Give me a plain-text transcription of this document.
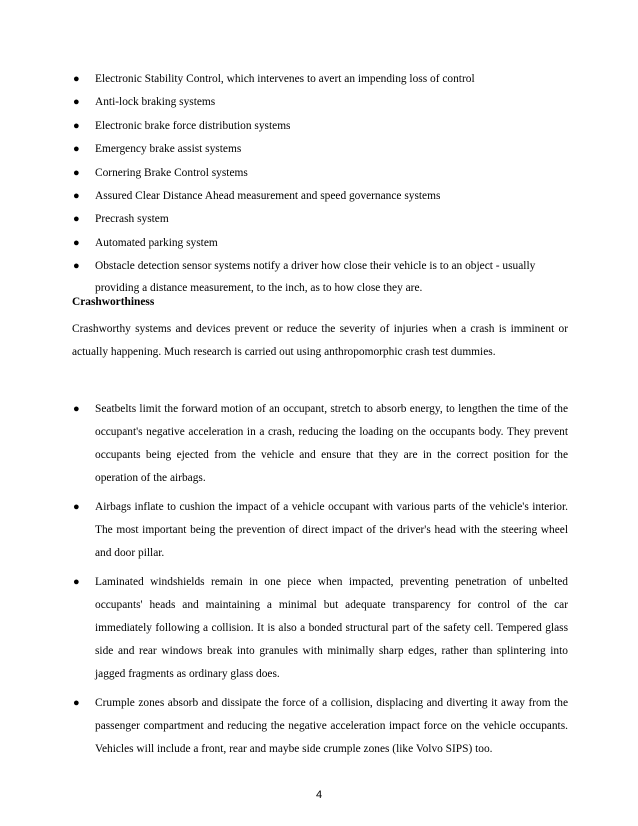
● Electronic Stability Control, which intervenes to avert an impending loss of control
● Anti-lock braking systems
● Electronic brake force distribution systems
● Emergency brake assist systems
● Cornering Brake Control systems
● Assured Clear Distance Ahead measurement and speed governance systems
● Precrash system
● Automated parking system
● Obstacle detection sensor systems notify a driver how close their vehicle is to an object - usually providing a distance measurement, to the inch, as to how close they are.
Crashworthiness

Crashworthy systems and devices prevent or reduce the severity of injuries when a crash is imminent or actually happening. Much research is carried out using anthropomorphic crash test dummies.

● Seatbelts limit the forward motion of an occupant, stretch to absorb energy, to lengthen the time of the occupant's negative acceleration in a crash, reducing the loading on the occupants body. They prevent occupants being ejected from the vehicle and ensure that they are in the correct position for the operation of the airbags.
● Airbags inflate to cushion the impact of a vehicle occupant with various parts of the vehicle's interior. The most important being the prevention of direct impact of the driver's head with the steering wheel and door pillar.
● Laminated windshields remain in one piece when impacted, preventing penetration of unbelted occupants' heads and maintaining a minimal but adequate transparency for control of the car immediately following a collision. It is also a bonded structural part of the safety cell. Tempered glass side and rear windows break into granules with minimally sharp edges, rather than splintering into jagged fragments as ordinary glass does.
● Crumple zones absorb and dissipate the force of a collision, displacing and diverting it away from the passenger compartment and reducing the negative acceleration impact force on the vehicle occupants. Vehicles will include a front, rear and maybe side crumple zones (like Volvo SIPS) too.
4
